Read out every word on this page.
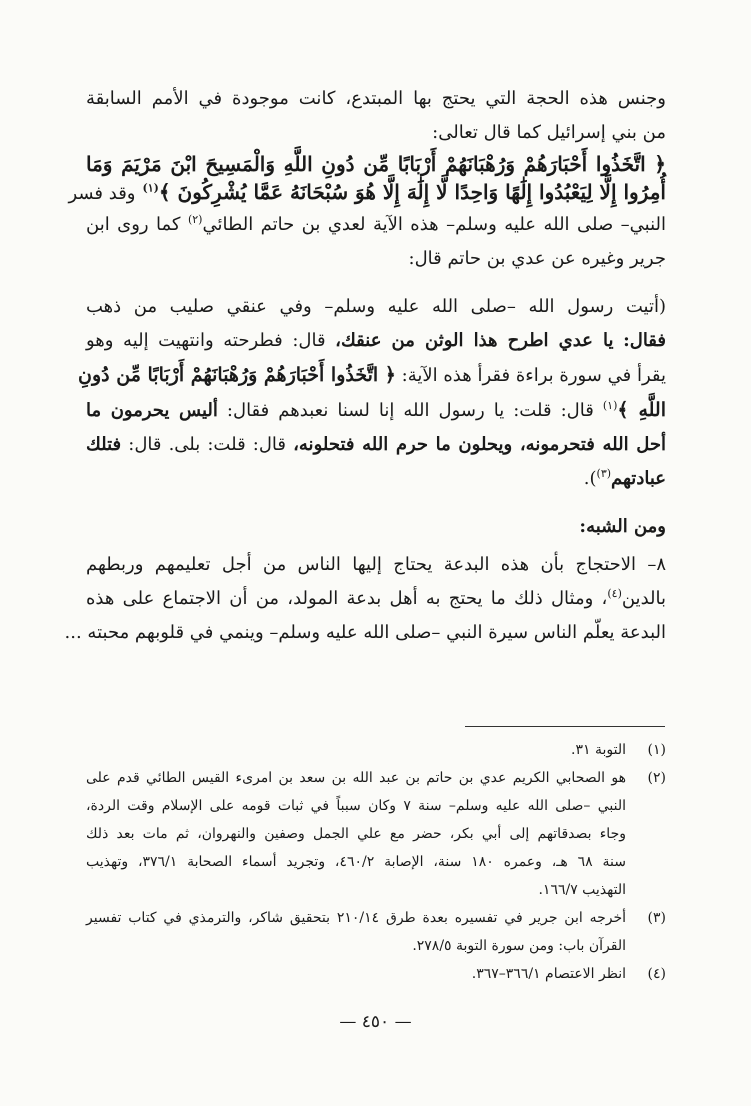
وجنس هذه الحجة التي يحتج بها المبتدع، كانت موجودة في الأمم السابقة

من بني إسرائيل كما قال تعالى:

﴿ اتَّخَذُوا أَحْبَارَهُمْ وَرُهْبَانَهُمْ أَرْبَابًا مِّن دُونِ اللَّهِ وَالْمَسِيحَ ابْنَ مَرْيَمَ وَمَا
أُمِرُوا إِلَّا لِيَعْبُدُوا إِلَٰهًا وَاحِدًا لَّا إِلَٰهَ إِلَّا هُوَ سُبْحَانَهُ عَمَّا يُشْرِكُونَ ﴾$^{(١)}$ وقد فسر

النبي– صلى الله عليه وسلم– هذه الآية لعدي بن حاتم الطائي$^{(٢)}$ كما روى ابن

جرير وغيره عن عدي بن حاتم قال:

(أتيت رسول الله –صلى الله عليه وسلم– وفي عنقي صليب من ذهب

فقال: يا عدي اطرح هذا الوثن من عنقك، قال: فطرحته وانتهيت إليه وهو

يقرأ في سورة براءة فقرأ هذه الآية: ﴿ اتَّخَذُوا أَحْبَارَهُمْ وَرُهْبَانَهُمْ أَرْبَابًا مِّن دُونِ

اللَّهِ ﴾$^{(١)}$ قال: قلت: يا رسول الله إنا لسنا نعبدهم فقال: أليس يحرمون ما

أحل الله فتحرمونه، ويحلون ما حرم الله فتحلونه، قال: قلت: بلى. قال: فتلك

عبادتهم$^{(٣)}$).

ومن الشبه:

٨– الاحتجاج بأن هذه البدعة يحتاج إليها الناس من أجل تعليمهم وربطهم

بالدين$^{(٤)}$، ومثال ذلك ما يحتج به أهل بدعة المولد، من أن الاجتماع على هذه

البدعة يعلّم الناس سيرة النبي –صلى الله عليه وسلم– وينمي في قلوبهم محبته ...

(١)

التوبة ٣١.

(٢)

هو الصحابي الكريم عدي بن حاتم بن عبد الله بن سعد بن امرىء القيس الطائي قدم على

النبي –صلى الله عليه وسلم– سنة ٧ وكان سبباً في ثبات قومه على الإسلام وقت الردة،

وجاء بصدقاتهم إلى أبي بكر، حضر مع علي الجمل وصفين والنهروان، ثم مات بعد ذلك

سنة ٦٨ هـ، وعمره ١٨٠ سنة، الإصابة ٤٦٠/٢، وتجريد أسماء الصحابة ٣٧٦/١، وتهذيب

التهذيب ١٦٦/٧.

(٣)

أخرجه ابن جرير في تفسيره بعدة طرق ٢١٠/١٤ بتحقيق شاكر، والترمذي في كتاب تفسير

القرآن باب: ومن سورة التوبة ٢٧٨/٥.

(٤)

انظر الاعتصام ٣٦٦/١–٣٦٧.

— ٤٥٠ —
